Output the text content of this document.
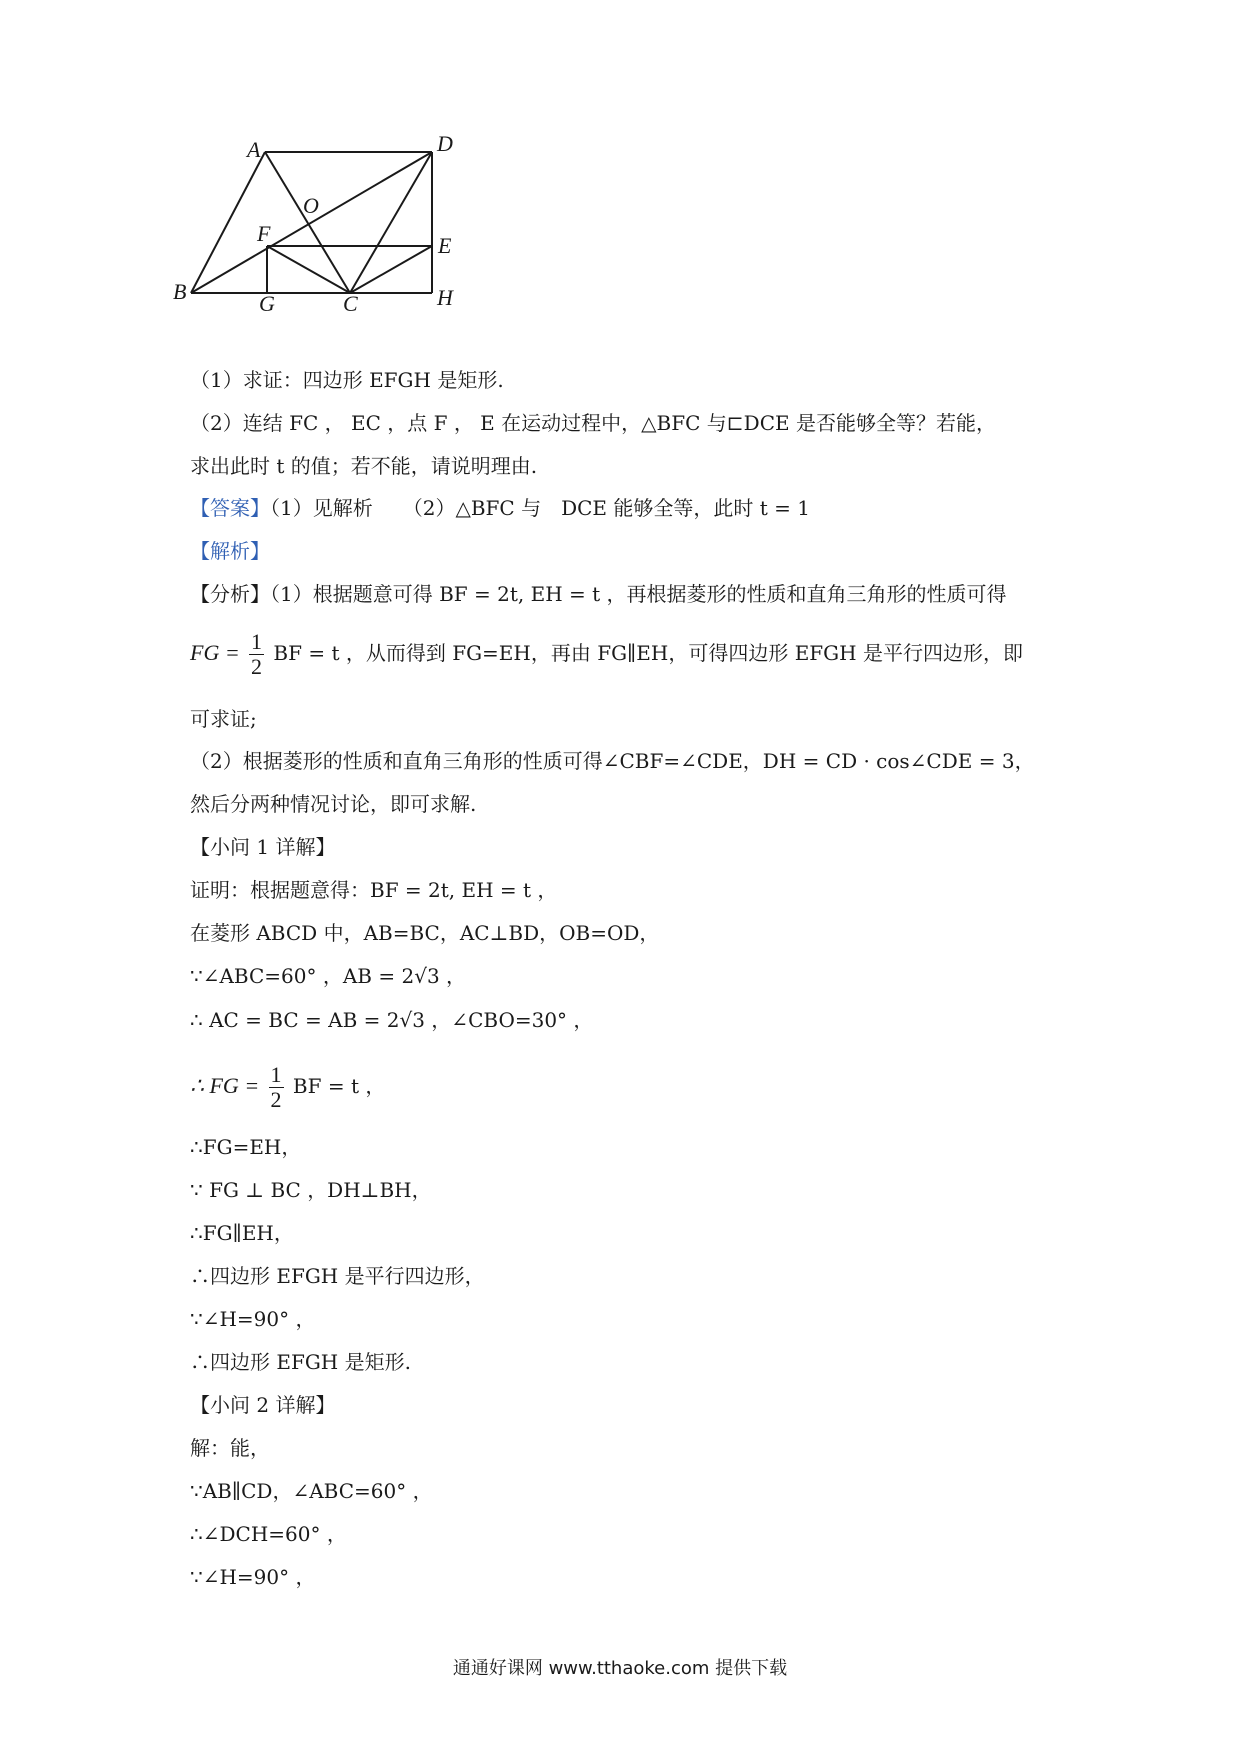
A	D
O
F	E
B	G	C	H
（1）求证：四边形 EFGH 是矩形.
（2）连结 FC ， EC ，点 F ， E 在运动过程中，△BFC 与⊏DCE 是否能够全等？若能，
求出此时 t 的值；若不能，请说明理由.
【答案】（1）见解析　　（2）△BFC 与　DCE 能够全等，此时 t = 1
【解析】
【分析】（1）根据题意可得 BF = 2t, EH = t ，再根据菱形的性质和直角三角形的性质可得
FG = $\frac{1}{2}$ BF = t ，从而得到 FG=EH，再由 FG∥EH，可得四边形 EFGH 是平行四边形，即
可求证;
（2）根据菱形的性质和直角三角形的性质可得∠CBF=∠CDE，DH = CD · cos∠CDE = 3，
然后分两种情况讨论，即可求解.
【小问 1 详解】
证明：根据题意得：BF = 2t, EH = t ，
在菱形 ABCD 中，AB=BC，AC⊥BD，OB=OD，
∵∠ABC=60° ，AB = 2√3 ，
∴ AC = BC = AB = 2√3 ，∠CBO=30° ，
∴ FG = $\frac{1}{2}$ BF = t ，
∴FG=EH，
∵ FG ⊥ BC ，DH⊥BH，
∴FG∥EH，
∴四边形 EFGH 是平行四边形，
∵∠H=90° ，
∴四边形 EFGH 是矩形.
【小问 2 详解】
解：能，
∵AB∥CD，∠ABC=60° ，
∴∠DCH=60° ，
∵∠H=90° ，
通通好课网 www.tthaoke.com 提供下载
